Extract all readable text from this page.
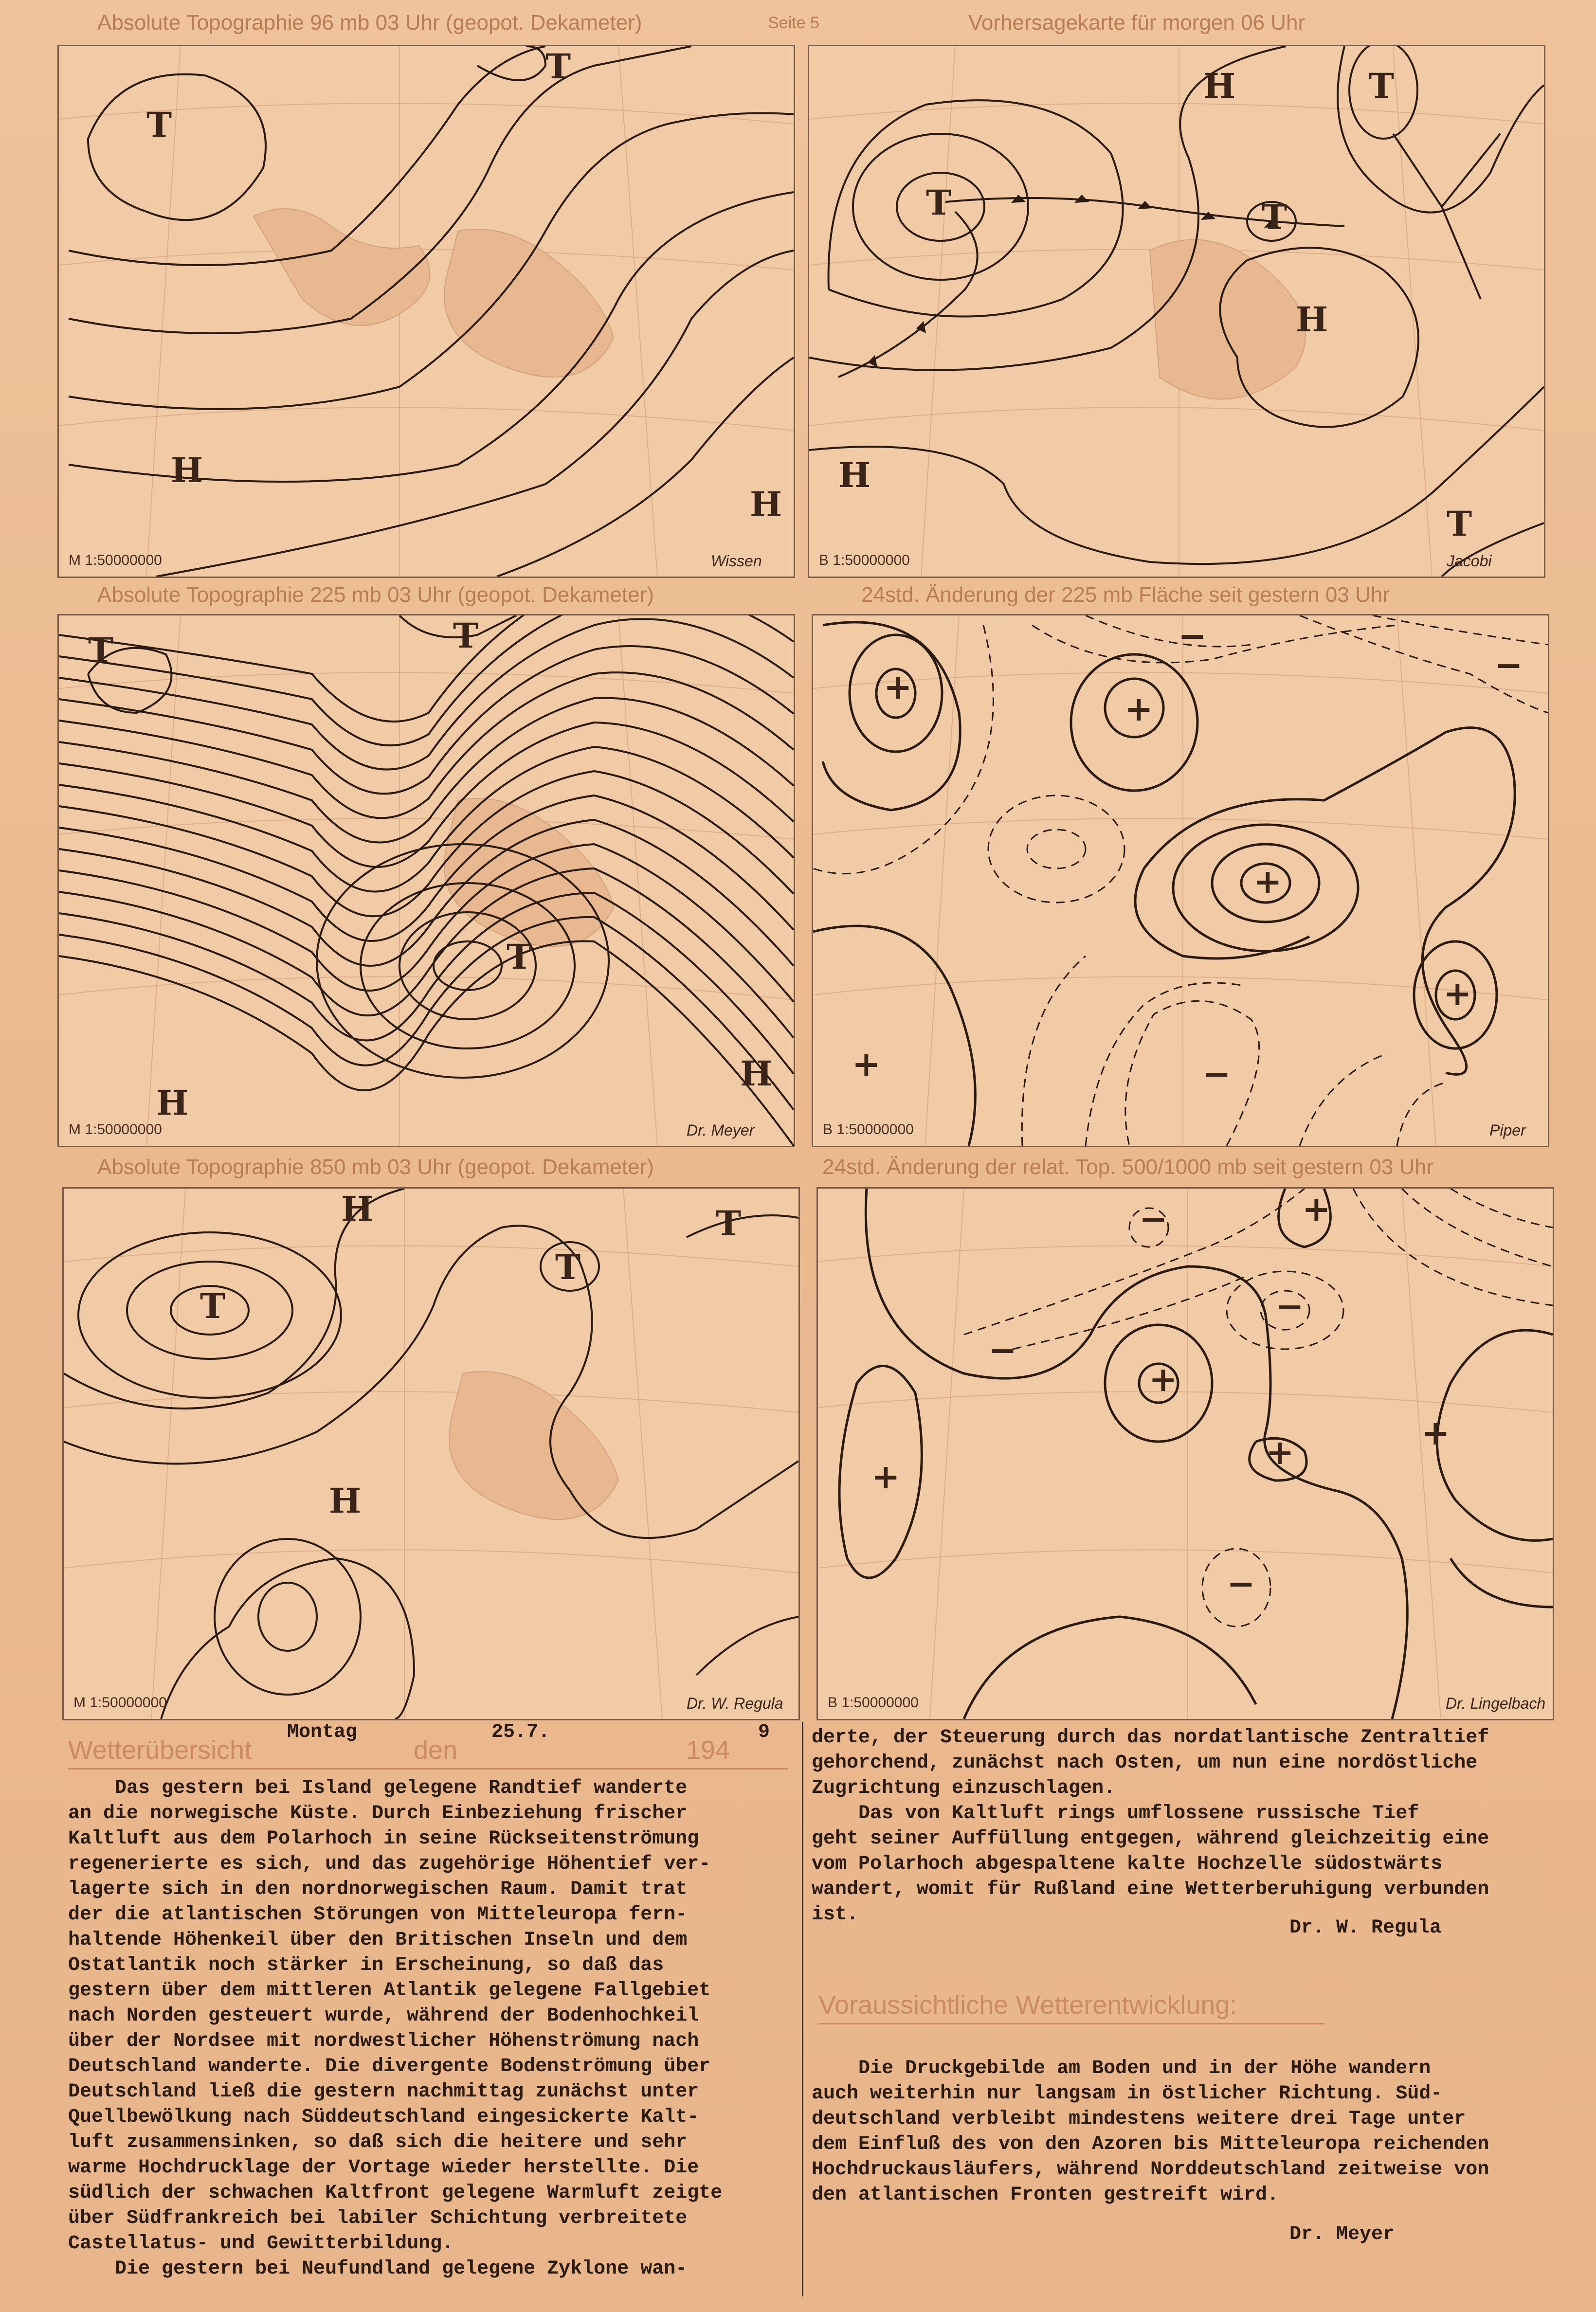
Seite 5
Absolute Topographie 96 mb 03 Uhr (geopot. Dekameter)
T
T
H
H
M 1:50000000	Wissen
Vorhersagekarte für morgen 06 Uhr
T
H	T
T
H
H
T
B 1:50000000	Jacobi
Absolute Topographie 225 mb 03 Uhr (geopot. Dekameter)
T	T
T
H
H
M 1:50000000	Dr. Meyer
24std. Änderung der 225 mb Fläche seit gestern 03 Uhr
+
+
+
+
+
−
−
−
B 1:50000000	Piper
Absolute Topographie 850 mb 03 Uhr (geopot. Dekameter)
T
T
T
H
H
M 1:50000000	Dr. W. Regula
24std. Änderung der relat. Top. 500/1000 mb seit gestern 03 Uhr
+
+
+
+
+
−
−
−
−
B 1:50000000	Dr. Lingelbach
Montag	25.7.
den	194
9
Wetterübersicht
Das gestern bei Island gelegene Randtief wanderte
an die norwegische Küste. Durch Einbeziehung frischer
Kaltluft aus dem Polarhoch in seine Rückseitenströmung
regenerierte es sich, und das zugehörige Höhentief ver-
lagerte sich in den nordnorwegischen Raum. Damit trat
der die atlantischen Störungen von Mitteleuropa fern-
haltende Höhenkeil über den Britischen Inseln und dem
Ostatlantik noch stärker in Erscheinung, so daß das
gestern über dem mittleren Atlantik gelegene Fallgebiet
nach Norden gesteuert wurde, während der Bodenhochkeil
über der Nordsee mit nordwestlicher Höhenströmung nach
Deutschland wanderte. Die divergente Bodenströmung über
Deutschland ließ die gestern nachmittag zunächst unter
Quellbewölkung nach Süddeutschland eingesickerte Kalt-
luft zusammensinken, so daß sich die heitere und sehr
warme Hochdrucklage der Vortage wieder herstellte. Die
südlich der schwachen Kaltfront gelegene Warmluft zeigte
über Südfrankreich bei labiler Schichtung verbreitete
Castellatus- und Gewitterbildung.
Die gestern bei Neufundland gelegene Zyklone wan-
derte, der Steuerung durch das nordatlantische Zentraltief
gehorchend, zunächst nach Osten, um nun eine nordöstliche
Zugrichtung einzuschlagen.
Das von Kaltluft rings umflossene russische Tief
geht seiner Auffüllung entgegen, während gleichzeitig eine
vom Polarhoch abgespaltene kalte Hochzelle südostwärts
wandert, womit für Rußland eine Wetterberuhigung verbunden
ist.
Dr. W. Regula
Voraussichtliche Wetterentwicklung:
Die Druckgebilde am Boden und in der Höhe wandern
auch weiterhin nur langsam in östlicher Richtung. Süd-
deutschland verbleibt mindestens weitere drei Tage unter
dem Einfluß des von den Azoren bis Mitteleuropa reichenden
Hochdruckausläufers, während Norddeutschland zeitweise von
den atlantischen Fronten gestreift wird.
Dr. Meyer
